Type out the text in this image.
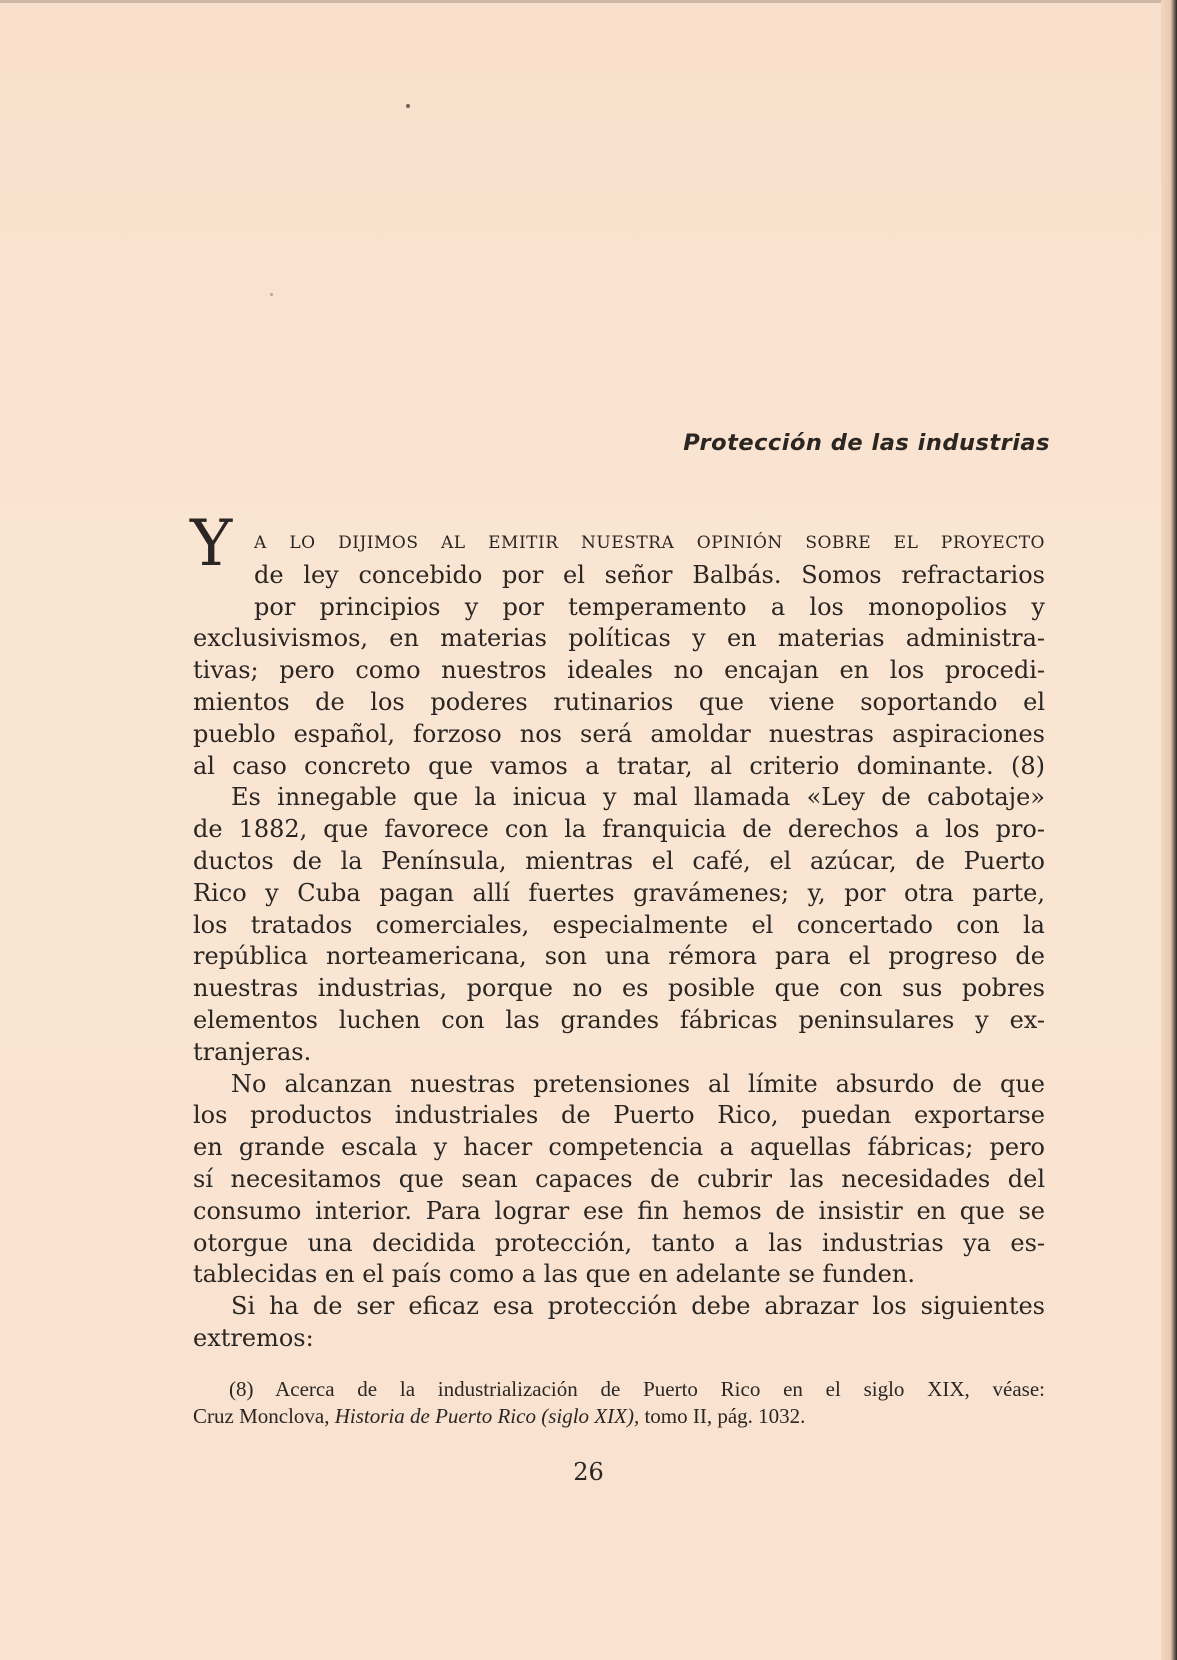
Protección de las industrias
Y	A LO DIJIMOS AL EMITIR NUESTRA OPINIÓN SOBRE EL PROYECTO
de ley concebido por el señor Balbás. Somos refractarios
por principios y por temperamento a los monopolios y
exclusivismos, en materias políticas y en materias administra-
tivas; pero como nuestros ideales no encajan en los procedi-
mientos de los poderes rutinarios que viene soportando el
pueblo español, forzoso nos será amoldar nuestras aspiraciones
al caso concreto que vamos a tratar, al criterio dominante. (8)
Es innegable que la inicua y mal llamada «Ley de cabotaje»
de 1882, que favorece con la franquicia de derechos a los pro-
ductos de la Península, mientras el café, el azúcar, de Puerto
Rico y Cuba pagan allí fuertes gravámenes; y, por otra parte,
los tratados comerciales, especialmente el concertado con la
república norteamericana, son una rémora para el progreso de
nuestras industrias, porque no es posible que con sus pobres
elementos luchen con las grandes fábricas peninsulares y ex-
tranjeras.
No alcanzan nuestras pretensiones al límite absurdo de que
los productos industriales de Puerto Rico, puedan exportarse
en grande escala y hacer competencia a aquellas fábricas; pero
sí necesitamos que sean capaces de cubrir las necesidades del
consumo interior. Para lograr ese fin hemos de insistir en que se
otorgue una decidida protección, tanto a las industrias ya es-
tablecidas en el país como a las que en adelante se funden.
Si ha de ser eficaz esa protección debe abrazar los siguientes
extremos:
(8) Acerca de la industrialización de Puerto Rico en el siglo XIX, véase:
Cruz Monclova, Historia de Puerto Rico (siglo XIX), tomo II, pág. 1032.
26
